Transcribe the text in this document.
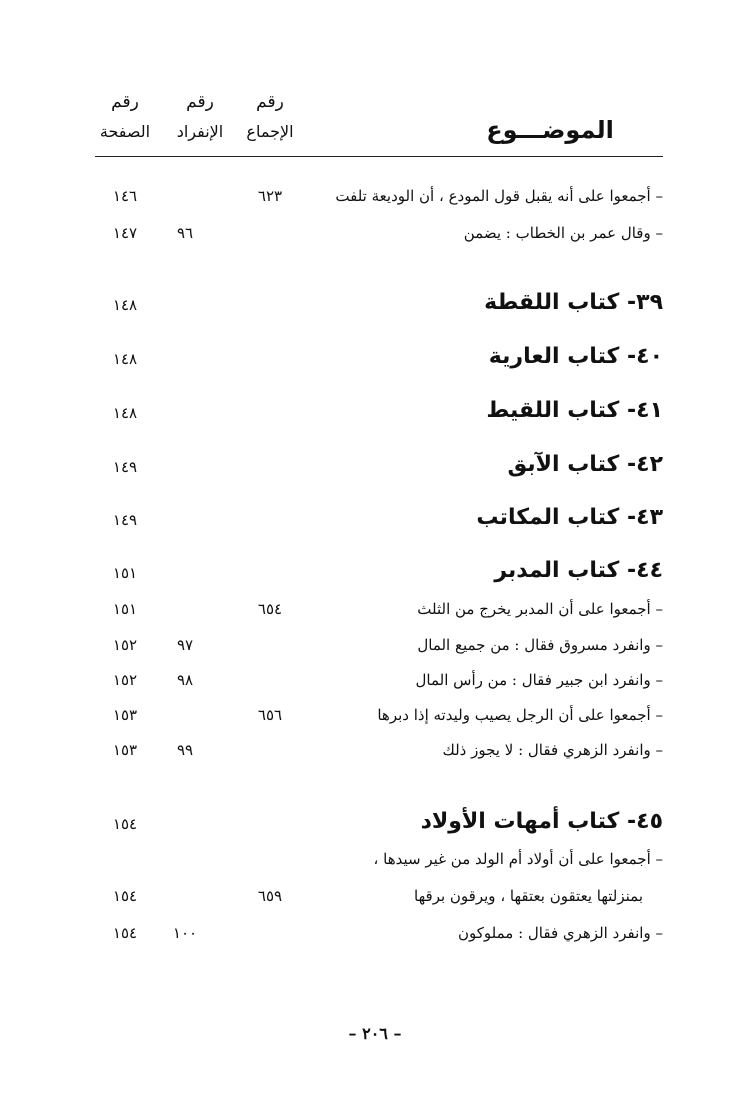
رقم
الصفحة
رقم
الإنفراد
رقم
الإجماع	الموضـــوع
– أجمعوا على أنه يقبل قول المودع ، أن الوديعة تلفت
٦٢٣
١٤٦
– وقال عمر بن الخطاب : يضمن
٩٦
١٤٧
٣٩- كتاب اللقطة
١٤٨
٤٠- كتاب العارية
١٤٨
٤١- كتاب اللقيط
١٤٨
٤٢- كتاب الآبق
١٤٩
٤٣- كتاب المكاتب
١٤٩
٤٤- كتاب المدبر
١٥١
– أجمعوا على أن المدبر يخرج من الثلث
٦٥٤
١٥١
– وانفرد مسروق فقال : من جميع المال
٩٧
١٥٢
– وانفرد ابن جبير فقال : من رأس المال
٩٨
١٥٢
– أجمعوا على أن الرجل يصيب وليدته إذا دبرها
٦٥٦
١٥٣
– وانفرد الزهري فقال : لا يجوز ذلك
٩٩
١٥٣
٤٥- كتاب أمهات الأولاد
١٥٤
– أجمعوا على أن أولاد أم الولد من غير سيدها ،
بمنزلتها يعتقون بعتقها ، ويرقون برقها
٦٥٩
١٥٤
– وانفرد الزهري فقال : مملوكون
١٠٠
١٥٤
– ٢٠٦ –
